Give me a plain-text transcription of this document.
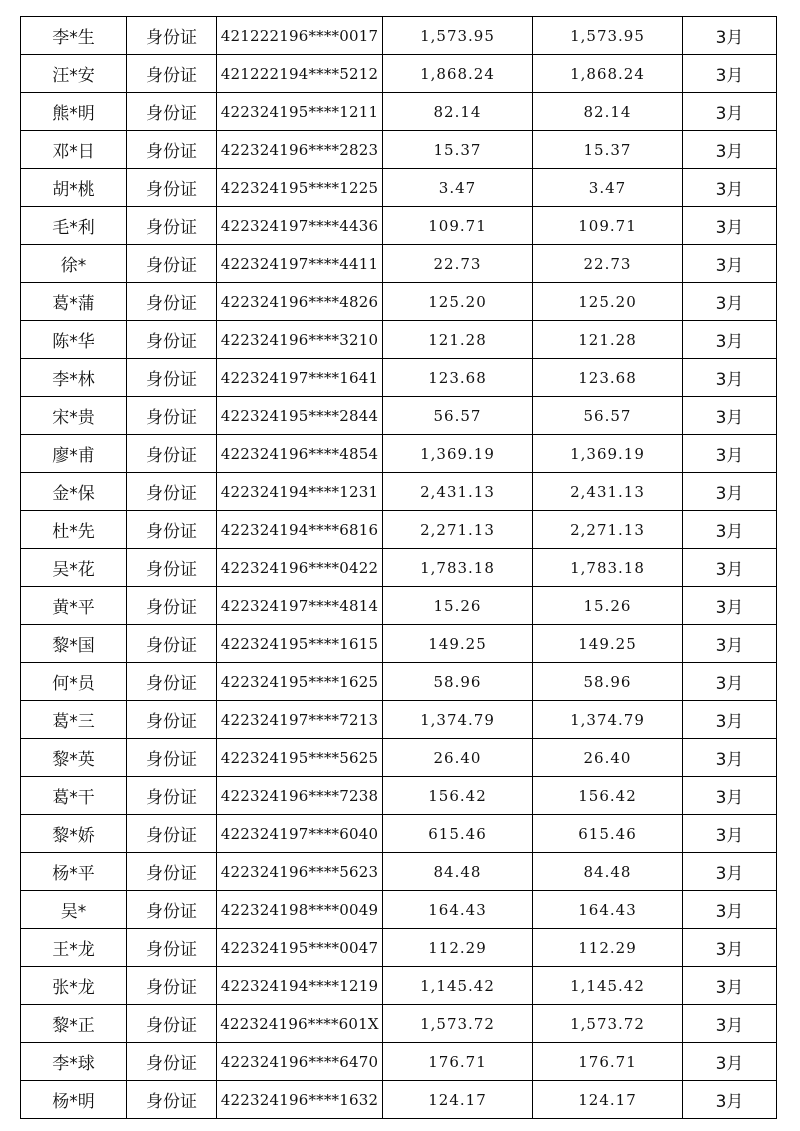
李*生	身份证	421222196****0017	1,573.95	1,573.95	3月
汪*安	身份证	421222194****5212	1,868.24	1,868.24	3月
熊*明	身份证	422324195****1211	82.14	82.14	3月
邓*日	身份证	422324196****2823	15.37	15.37	3月
胡*桃	身份证	422324195****1225	3.47	3.47	3月
毛*利	身份证	422324197****4436	109.71	109.71	3月
徐*	身份证	422324197****4411	22.73	22.73	3月
葛*蒲	身份证	422324196****4826	125.20	125.20	3月
陈*华	身份证	422324196****3210	121.28	121.28	3月
李*林	身份证	422324197****1641	123.68	123.68	3月
宋*贵	身份证	422324195****2844	56.57	56.57	3月
廖*甫	身份证	422324196****4854	1,369.19	1,369.19	3月
金*保	身份证	422324194****1231	2,431.13	2,431.13	3月
杜*先	身份证	422324194****6816	2,271.13	2,271.13	3月
吴*花	身份证	422324196****0422	1,783.18	1,783.18	3月
黄*平	身份证	422324197****4814	15.26	15.26	3月
黎*国	身份证	422324195****1615	149.25	149.25	3月
何*员	身份证	422324195****1625	58.96	58.96	3月
葛*三	身份证	422324197****7213	1,374.79	1,374.79	3月
黎*英	身份证	422324195****5625	26.40	26.40	3月
葛*干	身份证	422324196****7238	156.42	156.42	3月
黎*娇	身份证	422324197****6040	615.46	615.46	3月
杨*平	身份证	422324196****5623	84.48	84.48	3月
吴*	身份证	422324198****0049	164.43	164.43	3月
王*龙	身份证	422324195****0047	112.29	112.29	3月
张*龙	身份证	422324194****1219	1,145.42	1,145.42	3月
黎*正	身份证	422324196****601X	1,573.72	1,573.72	3月
李*球	身份证	422324196****6470	176.71	176.71	3月
杨*明	身份证	422324196****1632	124.17	124.17	3月
